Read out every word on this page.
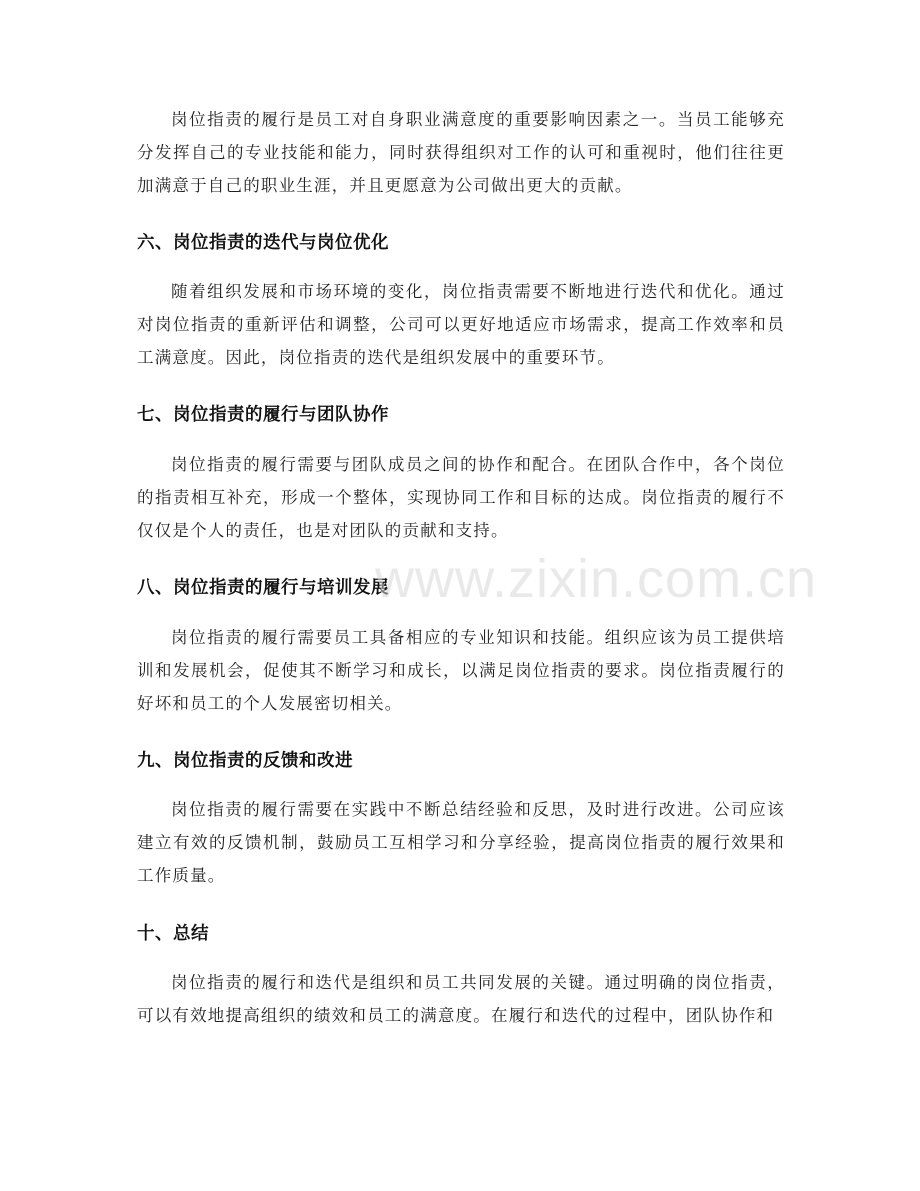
岗位指责的履行是员工对自身职业满意度的重要影响因素之一。当员工能够充分发挥自己的专业技能和能力，同时获得组织对工作的认可和重视时，他们往往更加满意于自己的职业生涯，并且更愿意为公司做出更大的贡献。

六、岗位指责的迭代与岗位优化

随着组织发展和市场环境的变化，岗位指责需要不断地进行迭代和优化。通过对岗位指责的重新评估和调整，公司可以更好地适应市场需求，提高工作效率和员工满意度。因此，岗位指责的迭代是组织发展中的重要环节。

七、岗位指责的履行与团队协作

岗位指责的履行需要与团队成员之间的协作和配合。在团队合作中，各个岗位的指责相互补充，形成一个整体，实现协同工作和目标的达成。岗位指责的履行不仅仅是个人的责任，也是对团队的贡献和支持。

八、岗位指责的履行与培训发展

岗位指责的履行需要员工具备相应的专业知识和技能。组织应该为员工提供培训和发展机会，促使其不断学习和成长，以满足岗位指责的要求。岗位指责履行的好坏和员工的个人发展密切相关。

九、岗位指责的反馈和改进

岗位指责的履行需要在实践中不断总结经验和反思，及时进行改进。公司应该建立有效的反馈机制，鼓励员工互相学习和分享经验，提高岗位指责的履行效果和工作质量。

十、总结

岗位指责的履行和迭代是组织和员工共同发展的关键。通过明确的岗位指责，可以有效地提高组织的绩效和员工的满意度。在履行和迭代的过程中，团队协作和

www.zixin.com.cn
